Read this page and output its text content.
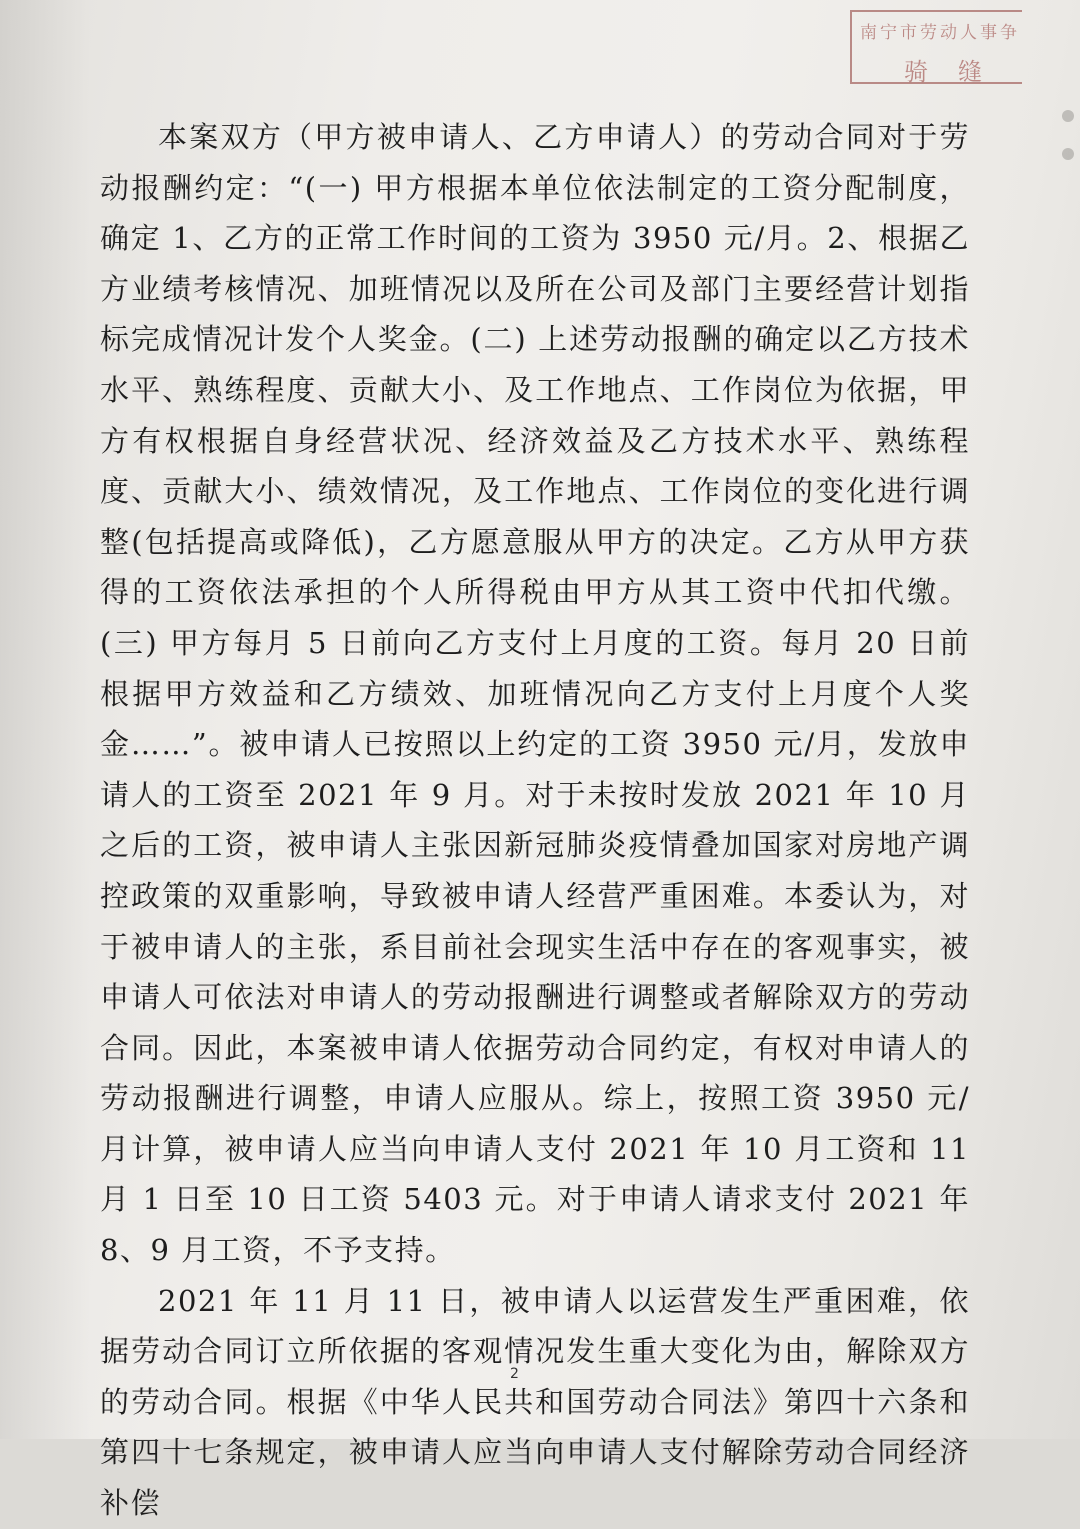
南宁市劳动人事争
骑缝

本案双方（甲方被申请人、乙方申请人）的劳动合同对于劳动报酬约定：“(一) 甲方根据本单位依法制定的工资分配制度，确定 1、乙方的正常工作时间的工资为 3950 元/月。2、根据乙方业绩考核情况、加班情况以及所在公司及部门主要经营计划指标完成情况计发个人奖金。(二) 上述劳动报酬的确定以乙方技术水平、熟练程度、贡献大小、及工作地点、工作岗位为依据，甲方有权根据自身经营状况、经济效益及乙方技术水平、熟练程度、贡献大小、绩效情况，及工作地点、工作岗位的变化进行调整(包括提高或降低)，乙方愿意服从甲方的决定。乙方从甲方获得的工资依法承担的个人所得税由甲方从其工资中代扣代缴。(三) 甲方每月 5 日前向乙方支付上月度的工资。每月 20 日前根据甲方效益和乙方绩效、加班情况向乙方支付上月度个人奖金……”。被申请人已按照以上约定的工资 3950 元/月，发放申请人的工资至 2021 年 9 月。对于未按时发放 2021 年 10 月之后的工资，被申请人主张因新冠肺炎疫情叠加国家对房地产调控政策的双重影响，导致被申请人经营严重困难。本委认为，对于被申请人的主张，系目前社会现实生活中存在的客观事实，被申请人可依法对申请人的劳动报酬进行调整或者解除双方的劳动合同。因此，本案被申请人依据劳动合同约定，有权对申请人的劳动报酬进行调整，申请人应服从。综上，按照工资 3950 元/月计算，被申请人应当向申请人支付 2021 年 10 月工资和 11 月 1 日至 10 日工资 5403 元。对于申请人请求支付 2021 年 8、9 月工资，不予支持。

2021 年 11 月 11 日，被申请人以运营发生严重困难，依据劳动合同订立所依据的客观情况发生重大变化为由，解除双方的劳动合同。根据《中华人民共和国劳动合同法》第四十六条和第四十七条规定，被申请人应当向申请人支付解除劳动合同经济补偿

2
